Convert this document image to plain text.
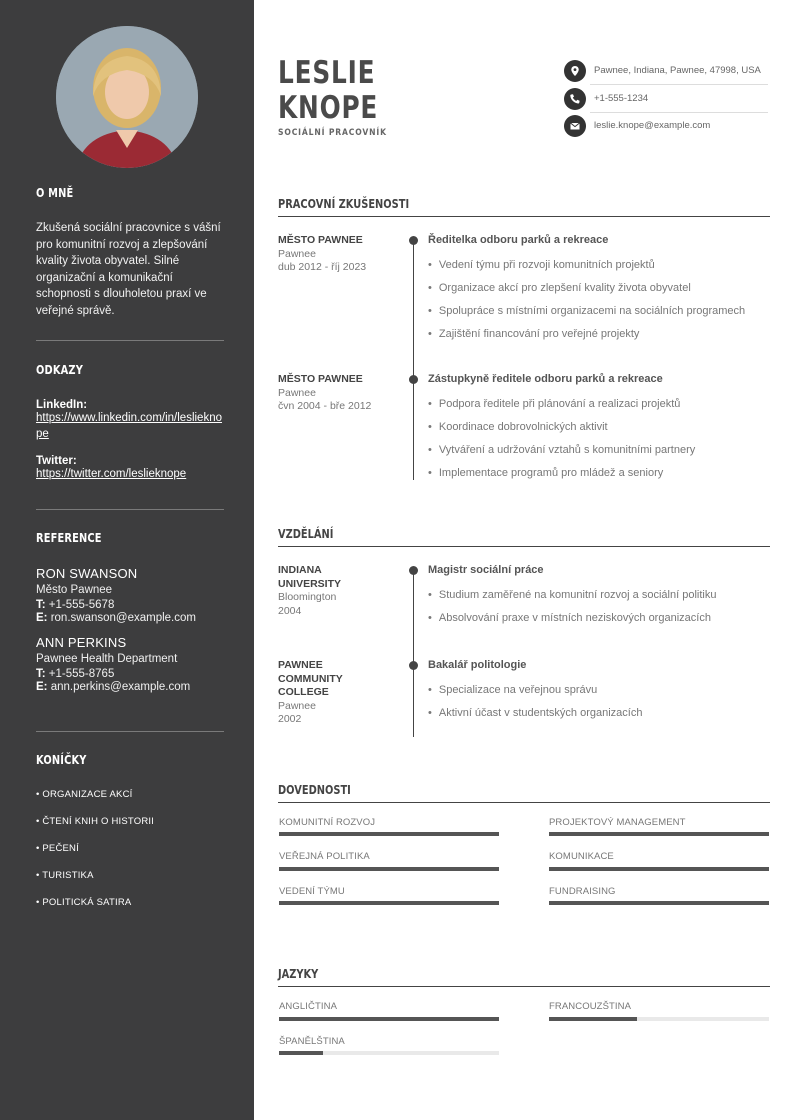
O MNĚ
Zkušená sociální pracovnice s vášní pro komunitní rozvoj a zlepšování kvality života obyvatel. Silné organizační a komunikační schopnosti s dlouholetou praxí ve veřejné správě.
ODKAZY
LinkedIn:
https://www.linkedin.com/in/leslieknope
Twitter:
https://twitter.com/leslieknope
REFERENCE
RON SWANSON
Město Pawnee
T: +1-555-5678
E: ron.swanson@example.com
ANN PERKINS
Pawnee Health Department
T: +1-555-8765
E: ann.perkins@example.com
KONÍČKY
• ORGANIZACE AKCÍ
• ČTENÍ KNIH O HISTORII
• PEČENÍ
• TURISTIKA
• POLITICKÁ SATIRA
LESLIE
KNOPE
SOCIÁLNÍ PRACOVNÍK
Pawnee, Indiana, Pawnee, 47998, USA
+1-555-1234
leslie.knope@example.com
PRACOVNÍ ZKUŠENOSTI
MĚSTO PAWNEE
Pawnee
dub 2012 - říj 2023
Ředitelka odboru parků a rekreace
• Vedení týmu při rozvoji komunitních projektů
• Organizace akcí pro zlepšení kvality života obyvatel
• Spolupráce s místními organizacemi na sociálních programech
• Zajištění financování pro veřejné projekty
MĚSTO PAWNEE
Pawnee
čvn 2004 - bře 2012
Zástupkyně ředitele odboru parků a rekreace
• Podpora ředitele při plánování a realizaci projektů
• Koordinace dobrovolnických aktivit
• Vytváření a udržování vztahů s komunitními partnery
• Implementace programů pro mládež a seniory
VZDĚLÁNÍ
INDIANA
UNIVERSITY
Bloomington
2004
Magistr sociální práce
• Studium zaměřené na komunitní rozvoj a sociální politiku
• Absolvování praxe v místních neziskových organizacích
PAWNEE
COMMUNITY
COLLEGE
Pawnee
2002
Bakalář politologie
• Specializace na veřejnou správu
• Aktivní účast v studentských organizacích
DOVEDNOSTI
KOMUNITNÍ ROZVOJ	PROJEKTOVÝ MANAGEMENT
VEŘEJNÁ POLITIKA	KOMUNIKACE
VEDENÍ TÝMU	FUNDRAISING
JAZYKY
ANGLIČTINA	FRANCOUZŠTINA
ŠPANĚLŠTINA
